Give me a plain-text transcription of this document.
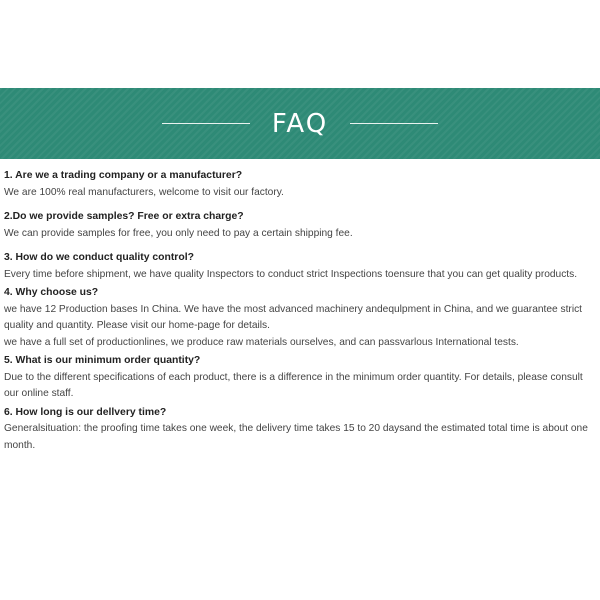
FAQ
1. Are we a trading company or a manufacturer?
We are 100% real manufacturers, welcome to visit our factory.
2.Do we provide samples? Free or extra charge?
We can provide samples for free, you only need to pay a certain shipping fee.
3. How do we conduct quality control?
Every time before shipment, we have quality Inspectors to conduct strict Inspections toensure that you can get quality products.
4. Why choose us?
we have 12 Production bases In China. We have the most advanced machinery andequlpment in China, and we guarantee strict quality and quantity. Please visit our home-page for details.
we have a full set of productionlines, we produce raw materials ourselves, and can passvarlous International tests.
5. What is our minimum order quantity?
Due to the different specifications of each product, there is a difference in the minimum order quantity. For details, please consult our online staff.
6. How long is our dellvery time?
Generalsituation: the proofing time takes one week, the delivery time takes 15 to 20 daysand the estimated total time is about one month.
